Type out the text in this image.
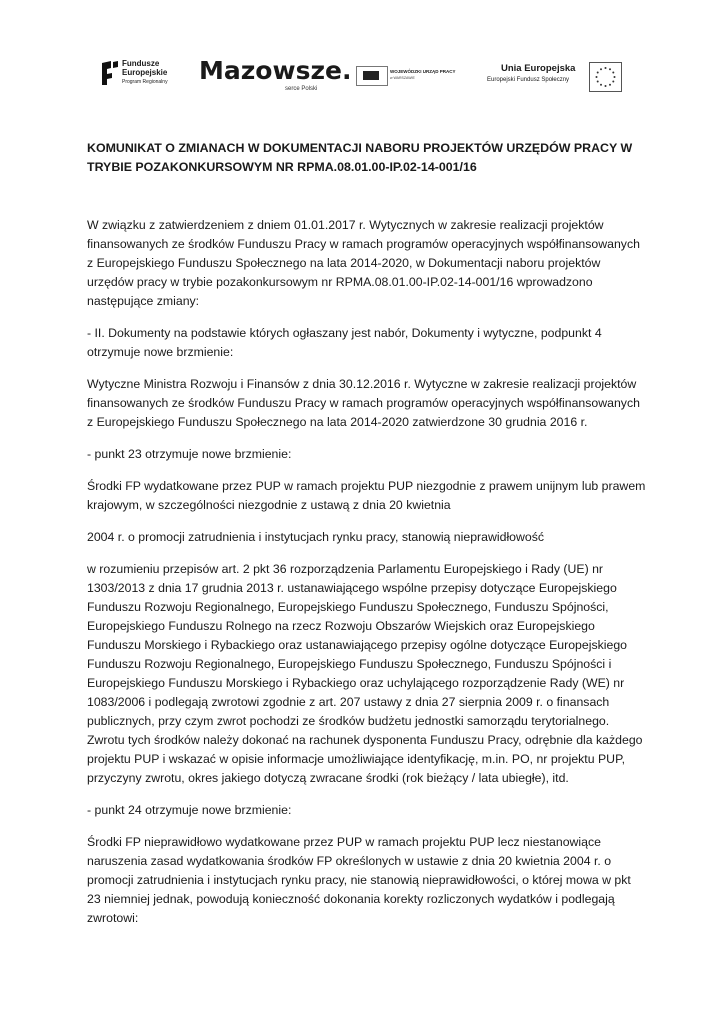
Fundusze
Europejskie
Program Regionalny Mazowsze.
serce Polski
WOJEWÓDZKI URZĄD PRACY
w WARSZAWIE
Unia Europejska
Europejski Fundusz Społeczny

KOMUNIKAT O ZMIANACH W DOKUMENTACJI NABORU PROJEKTÓW URZĘDÓW PRACY W TRYBIE POZAKONKURSOWYM NR RPMA.08.01.00-IP.02-14-001/16

W związku z zatwierdzeniem z dniem 01.01.2017 r. Wytycznych w zakresie realizacji projektów finansowanych ze środków Funduszu Pracy w ramach programów operacyjnych współfinansowanych z Europejskiego Funduszu Społecznego na lata 2014-2020, w Dokumentacji naboru projektów urzędów pracy w trybie pozakonkursowym nr RPMA.08.01.00-IP.02-14-001/16 wprowadzono następujące zmiany:

- II. Dokumenty na podstawie których ogłaszany jest nabór, Dokumenty i wytyczne, podpunkt 4 otrzymuje nowe brzmienie:

Wytyczne Ministra Rozwoju i Finansów z dnia 30.12.2016 r. Wytyczne w zakresie realizacji projektów finansowanych ze środków Funduszu Pracy w ramach programów operacyjnych współfinansowanych z Europejskiego Funduszu Społecznego na lata 2014-2020 zatwierdzone 30 grudnia 2016 r.

- punkt 23 otrzymuje nowe brzmienie:

Środki FP wydatkowane przez PUP w ramach projektu PUP niezgodnie z prawem unijnym lub prawem krajowym, w szczególności niezgodnie z ustawą z dnia 20 kwietnia

2004 r. o promocji zatrudnienia i instytucjach rynku pracy, stanowią nieprawidłowość

w rozumieniu przepisów art. 2 pkt 36 rozporządzenia Parlamentu Europejskiego i Rady (UE) nr 1303/2013 z dnia 17 grudnia 2013 r. ustanawiającego wspólne przepisy dotyczące Europejskiego Funduszu Rozwoju Regionalnego, Europejskiego Funduszu Społecznego, Funduszu Spójności, Europejskiego Funduszu Rolnego na rzecz Rozwoju Obszarów Wiejskich oraz Europejskiego Funduszu Morskiego i Rybackiego oraz ustanawiającego przepisy ogólne dotyczące Europejskiego Funduszu Rozwoju Regionalnego, Europejskiego Funduszu Społecznego, Funduszu Spójności i Europejskiego Funduszu Morskiego i Rybackiego oraz uchylającego rozporządzenie Rady (WE) nr 1083/2006 i podlegają zwrotowi zgodnie z art. 207 ustawy z dnia 27 sierpnia 2009 r. o finansach publicznych, przy czym zwrot pochodzi ze środków budżetu jednostki samorządu terytorialnego. Zwrotu tych środków należy dokonać na rachunek dysponenta Funduszu Pracy, odrębnie dla każdego projektu PUP i wskazać w opisie informacje umożliwiające identyfikację, m.in. PO, nr projektu PUP, przyczyny zwrotu, okres jakiego dotyczą zwracane środki (rok bieżący / lata ubiegłe), itd.

- punkt 24 otrzymuje nowe brzmienie:

Środki FP nieprawidłowo wydatkowane przez PUP w ramach projektu PUP lecz niestanowiące naruszenia zasad wydatkowania środków FP określonych w ustawie z dnia 20 kwietnia 2004 r. o promocji zatrudnienia i instytucjach rynku pracy, nie stanowią nieprawidłowości, o której mowa w pkt 23 niemniej jednak, powodują konieczność dokonania korekty rozliczonych wydatków i podlegają zwrotowi:
